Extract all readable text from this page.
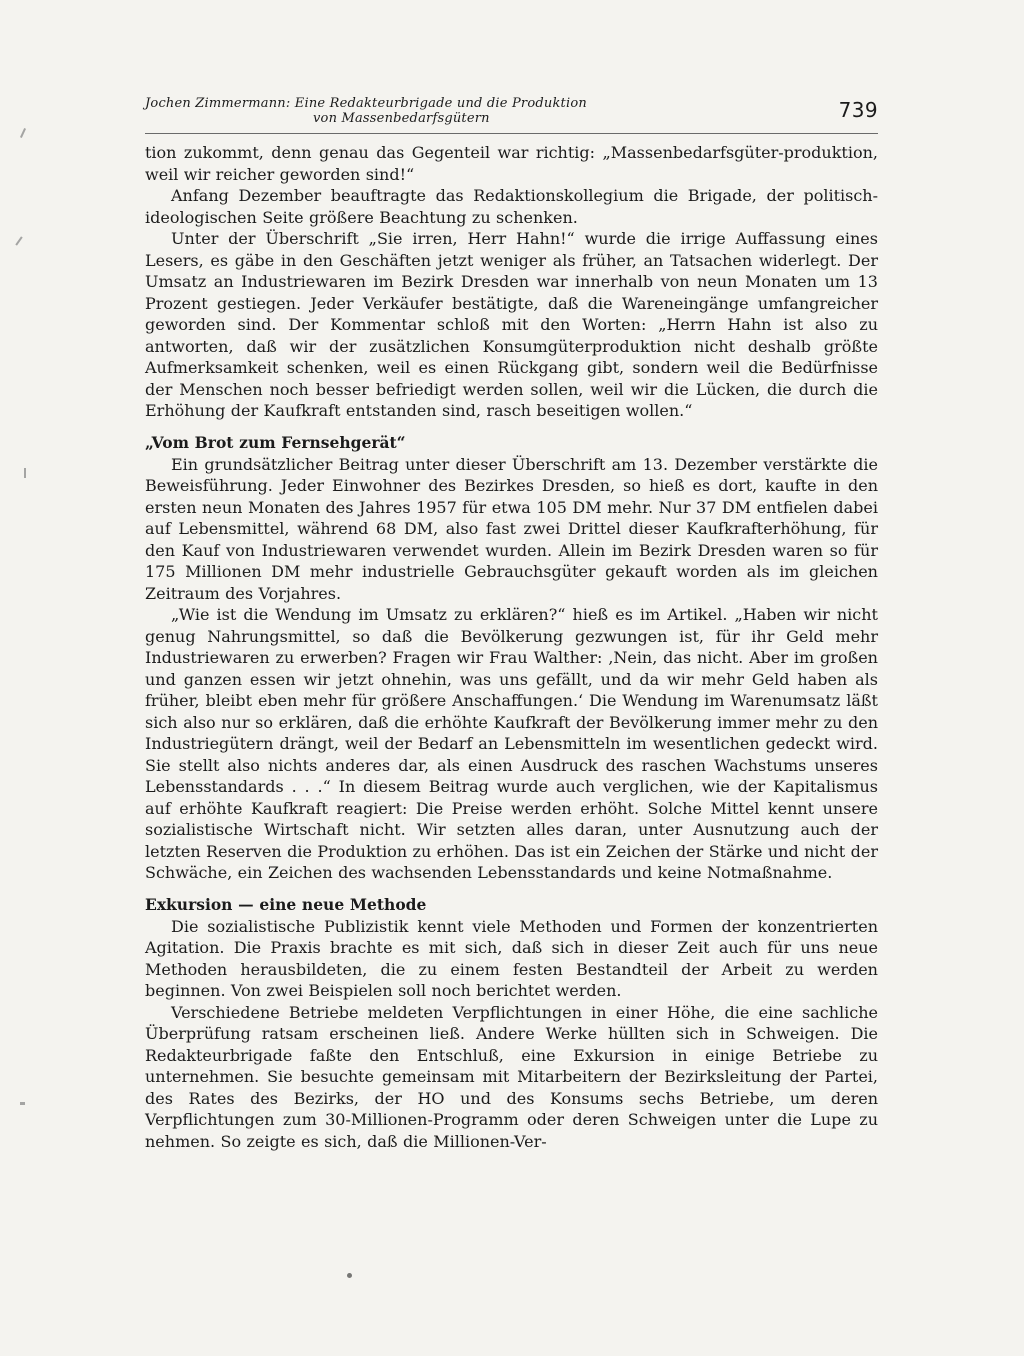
Jochen Zimmermann: Eine Redakteurbrigade und die Produktion
von Massenbedarfsgütern	739

tion zukommt, denn genau das Gegenteil war richtig: „Massenbedarfsgüter-produktion, weil wir reicher geworden sind!“

Anfang Dezember beauftragte das Redaktionskollegium die Brigade, der politisch-ideologischen Seite größere Beachtung zu schenken.

Unter der Überschrift „Sie irren, Herr Hahn!“ wurde die irrige Auffassung eines Lesers, es gäbe in den Geschäften jetzt weniger als früher, an Tatsachen widerlegt. Der Umsatz an Industriewaren im Bezirk Dresden war innerhalb von neun Monaten um 13 Prozent gestiegen. Jeder Verkäufer bestätigte, daß die Wareneingänge umfangreicher geworden sind. Der Kommentar schloß mit den Worten: „Herrn Hahn ist also zu antworten, daß wir der zusätzlichen Konsumgüterproduktion nicht deshalb größte Aufmerksamkeit schenken, weil es einen Rückgang gibt, sondern weil die Bedürfnisse der Menschen noch besser befriedigt werden sollen, weil wir die Lücken, die durch die Erhöhung der Kaufkraft entstanden sind, rasch beseitigen wollen.“

„Vom Brot zum Fernsehgerät“

Ein grundsätzlicher Beitrag unter dieser Überschrift am 13. Dezember verstärkte die Beweisführung. Jeder Einwohner des Bezirkes Dresden, so hieß es dort, kaufte in den ersten neun Monaten des Jahres 1957 für etwa 105 DM mehr. Nur 37 DM entfielen dabei auf Lebensmittel, während 68 DM, also fast zwei Drittel dieser Kaufkrafterhöhung, für den Kauf von Industriewaren verwendet wurden. Allein im Bezirk Dresden waren so für 175 Millionen DM mehr industrielle Gebrauchsgüter gekauft worden als im gleichen Zeitraum des Vorjahres.

„Wie ist die Wendung im Umsatz zu erklären?“ hieß es im Artikel. „Haben wir nicht genug Nahrungsmittel, so daß die Bevölkerung gezwungen ist, für ihr Geld mehr Industriewaren zu erwerben? Fragen wir Frau Walther: ‚Nein, das nicht. Aber im großen und ganzen essen wir jetzt ohnehin, was uns gefällt, und da wir mehr Geld haben als früher, bleibt eben mehr für größere Anschaffungen.‘ Die Wendung im Warenumsatz läßt sich also nur so erklären, daß die erhöhte Kaufkraft der Bevölkerung immer mehr zu den Industriegütern drängt, weil der Bedarf an Lebensmitteln im wesentlichen gedeckt wird. Sie stellt also nichts anderes dar, als einen Ausdruck des raschen Wachstums unseres Lebensstandards . . .“ In diesem Beitrag wurde auch verglichen, wie der Kapitalismus auf erhöhte Kaufkraft reagiert: Die Preise werden erhöht. Solche Mittel kennt unsere sozialistische Wirtschaft nicht. Wir setzten alles daran, unter Ausnutzung auch der letzten Reserven die Produktion zu erhöhen. Das ist ein Zeichen der Stärke und nicht der Schwäche, ein Zeichen des wachsenden Lebensstandards und keine Notmaßnahme.

Exkursion — eine neue Methode

Die sozialistische Publizistik kennt viele Methoden und Formen der konzentrierten Agitation. Die Praxis brachte es mit sich, daß sich in dieser Zeit auch für uns neue Methoden herausbildeten, die zu einem festen Bestandteil der Arbeit zu werden beginnen. Von zwei Beispielen soll noch berichtet werden.

Verschiedene Betriebe meldeten Verpflichtungen in einer Höhe, die eine sachliche Überprüfung ratsam erscheinen ließ. Andere Werke hüllten sich in Schweigen. Die Redakteurbrigade faßte den Entschluß, eine Exkursion in einige Betriebe zu unternehmen. Sie besuchte gemeinsam mit Mitarbeitern der Bezirksleitung der Partei, des Rates des Bezirks, der HO und des Konsums sechs Betriebe, um deren Verpflichtungen zum 30-Millionen-Programm oder deren Schweigen unter die Lupe zu nehmen. So zeigte es sich, daß die Millionen-Ver-
